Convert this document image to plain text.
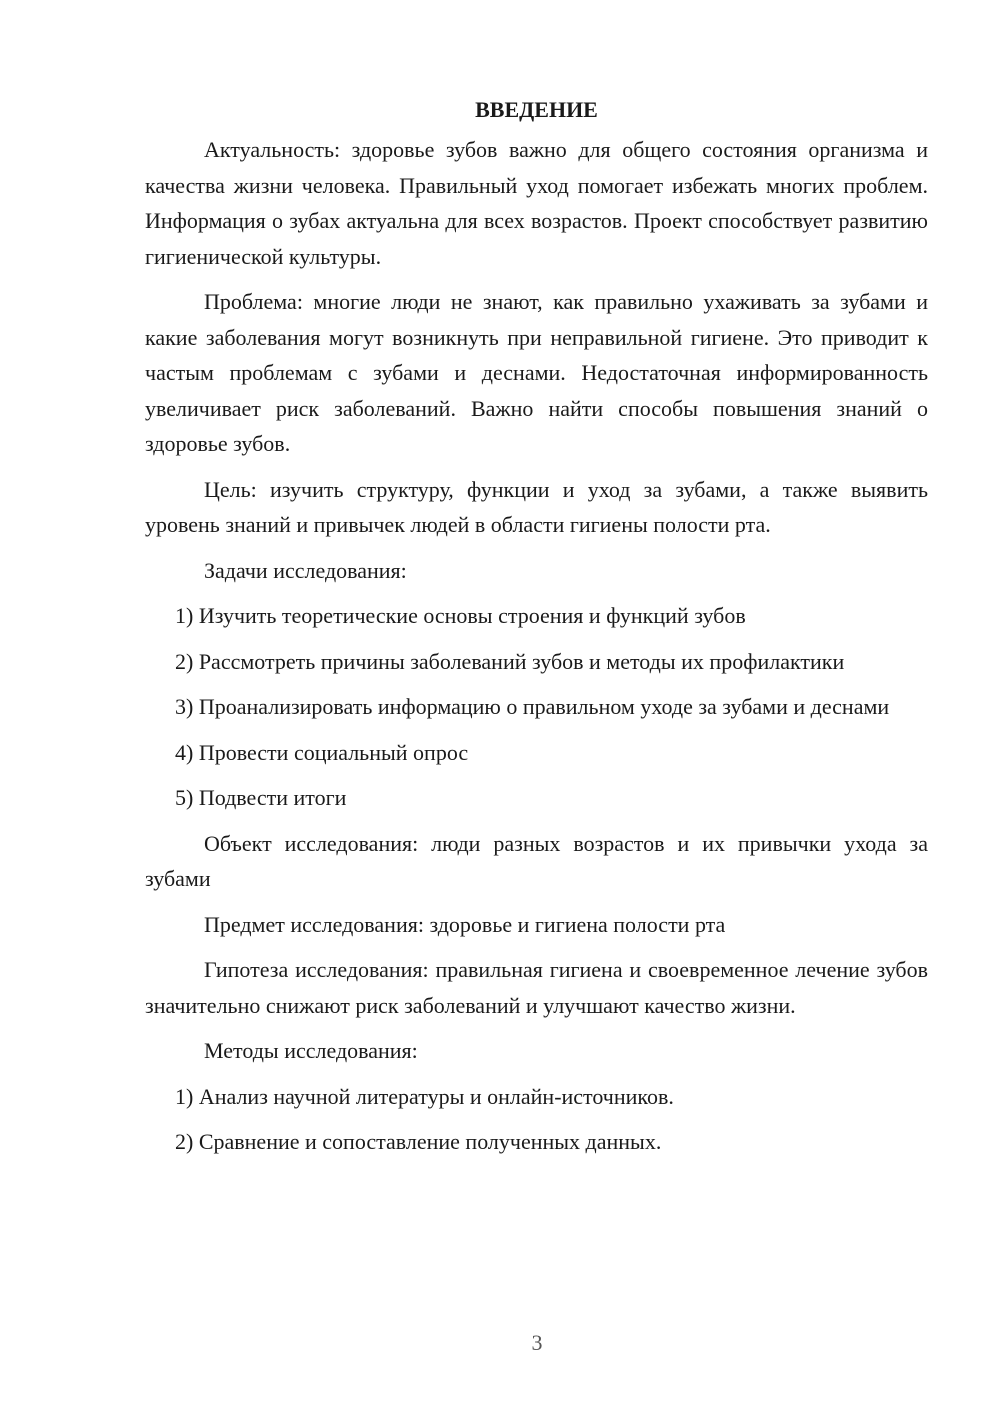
ВВЕДЕНИЕ

Актуальность: здоровье зубов важно для общего состояния организма и качества жизни человека. Правильный уход помогает избежать многих проблем. Информация о зубах актуальна для всех возрастов. Проект способствует развитию гигиенической культуры.

Проблема: многие люди не знают, как правильно ухаживать за зубами и какие заболевания могут возникнуть при неправильной гигиене. Это приводит к частым проблемам с зубами и деснами. Недостаточная информированность увеличивает риск заболеваний. Важно найти способы повышения знаний о здоровье зубов.

Цель: изучить структуру, функции и уход за зубами, а также выявить уровень знаний и привычек людей в области гигиены полости рта.

Задачи исследования:

1) Изучить теоретические основы строения и функций зубов

2) Рассмотреть причины заболеваний зубов и методы их профилактики

3) Проанализировать информацию о правильном уходе за зубами и деснами

4) Провести социальный опрос

5) Подвести итоги

Объект исследования: люди разных возрастов и их привычки ухода за зубами

Предмет исследования: здоровье и гигиена полости рта

Гипотеза исследования: правильная гигиена и своевременное лечение зубов значительно снижают риск заболеваний и улучшают качество жизни.

Методы исследования:

1) Анализ научной литературы и онлайн-источников.

2) Сравнение и сопоставление полученных данных.

3
